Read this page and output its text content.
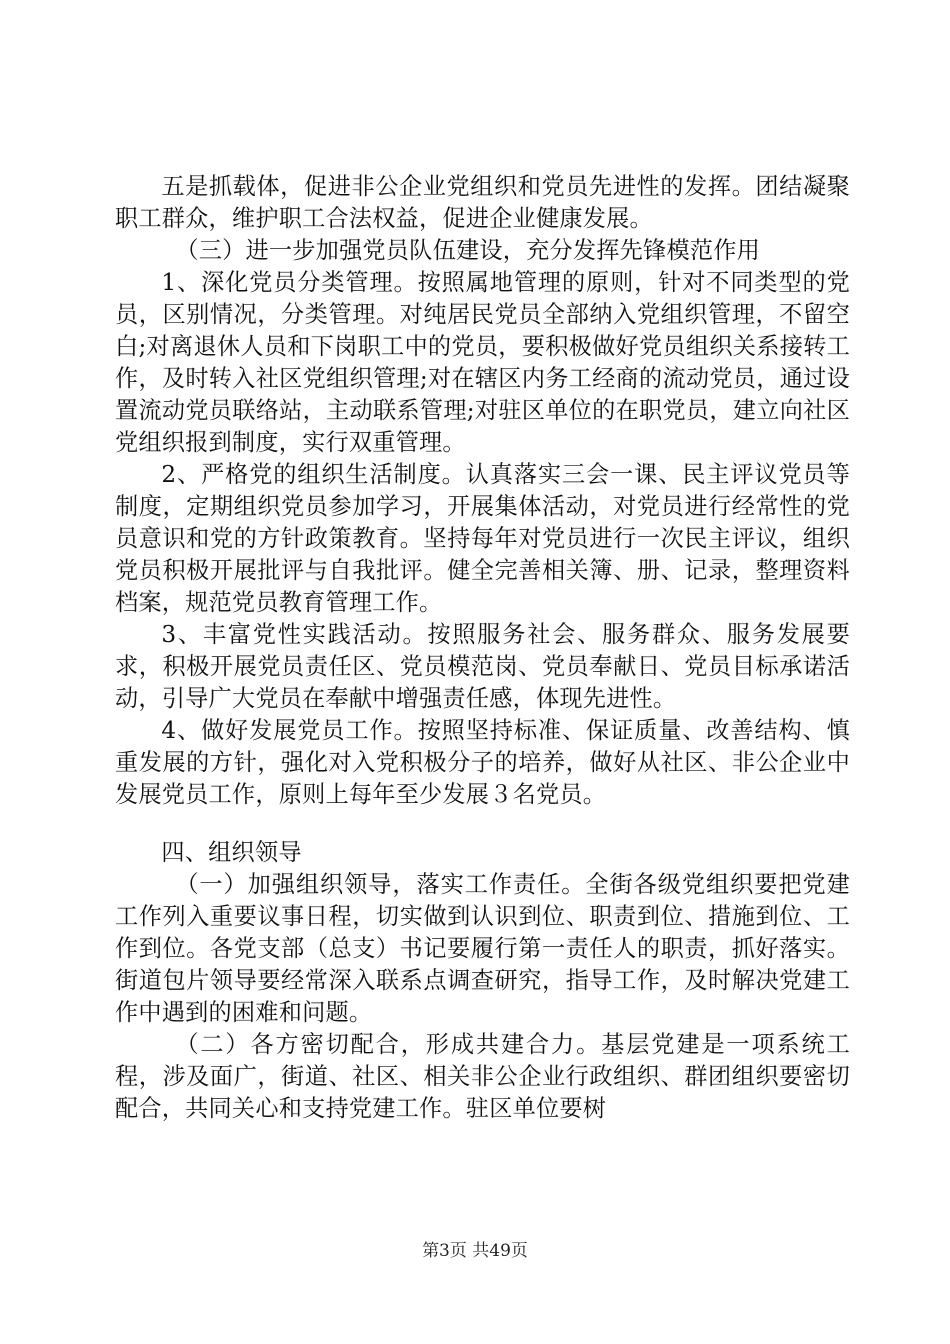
五是抓载体，促进非公企业党组织和党员先进性的发挥。团结凝聚职工群众，维护职工合法权益，促进企业健康发展。

（三）进一步加强党员队伍建设，充分发挥先锋模范作用

1、深化党员分类管理。按照属地管理的原则，针对不同类型的党员，区别情况，分类管理。对纯居民党员全部纳入党组织管理，不留空白;对离退休人员和下岗职工中的党员，要积极做好党员组织关系接转工作，及时转入社区党组织管理;对在辖区内务工经商的流动党员，通过设置流动党员联络站，主动联系管理;对驻区单位的在职党员，建立向社区党组织报到制度，实行双重管理。

2、严格党的组织生活制度。认真落实三会一课、民主评议党员等制度，定期组织党员参加学习，开展集体活动，对党员进行经常性的党员意识和党的方针政策教育。坚持每年对党员进行一次民主评议，组织党员积极开展批评与自我批评。健全完善相关簿、册、记录，整理资料档案，规范党员教育管理工作。

3、丰富党性实践活动。按照服务社会、服务群众、服务发展要求，积极开展党员责任区、党员模范岗、党员奉献日、党员目标承诺活动，引导广大党员在奉献中增强责任感，体现先进性。

4、做好发展党员工作。按照坚持标准、保证质量、改善结构、慎重发展的方针，强化对入党积极分子的培养，做好从社区、非公企业中发展党员工作，原则上每年至少发展３名党员。

四、组织领导

（一）加强组织领导，落实工作责任。全街各级党组织要把党建工作列入重要议事日程，切实做到认识到位、职责到位、措施到位、工作到位。各党支部（总支）书记要履行第一责任人的职责，抓好落实。街道包片领导要经常深入联系点调查研究，指导工作，及时解决党建工作中遇到的困难和问题。

（二）各方密切配合，形成共建合力。基层党建是一项系统工程，涉及面广，街道、社区、相关非公企业行政组织、群团组织要密切配合，共同关心和支持党建工作。驻区单位要树

第3页 共49页
